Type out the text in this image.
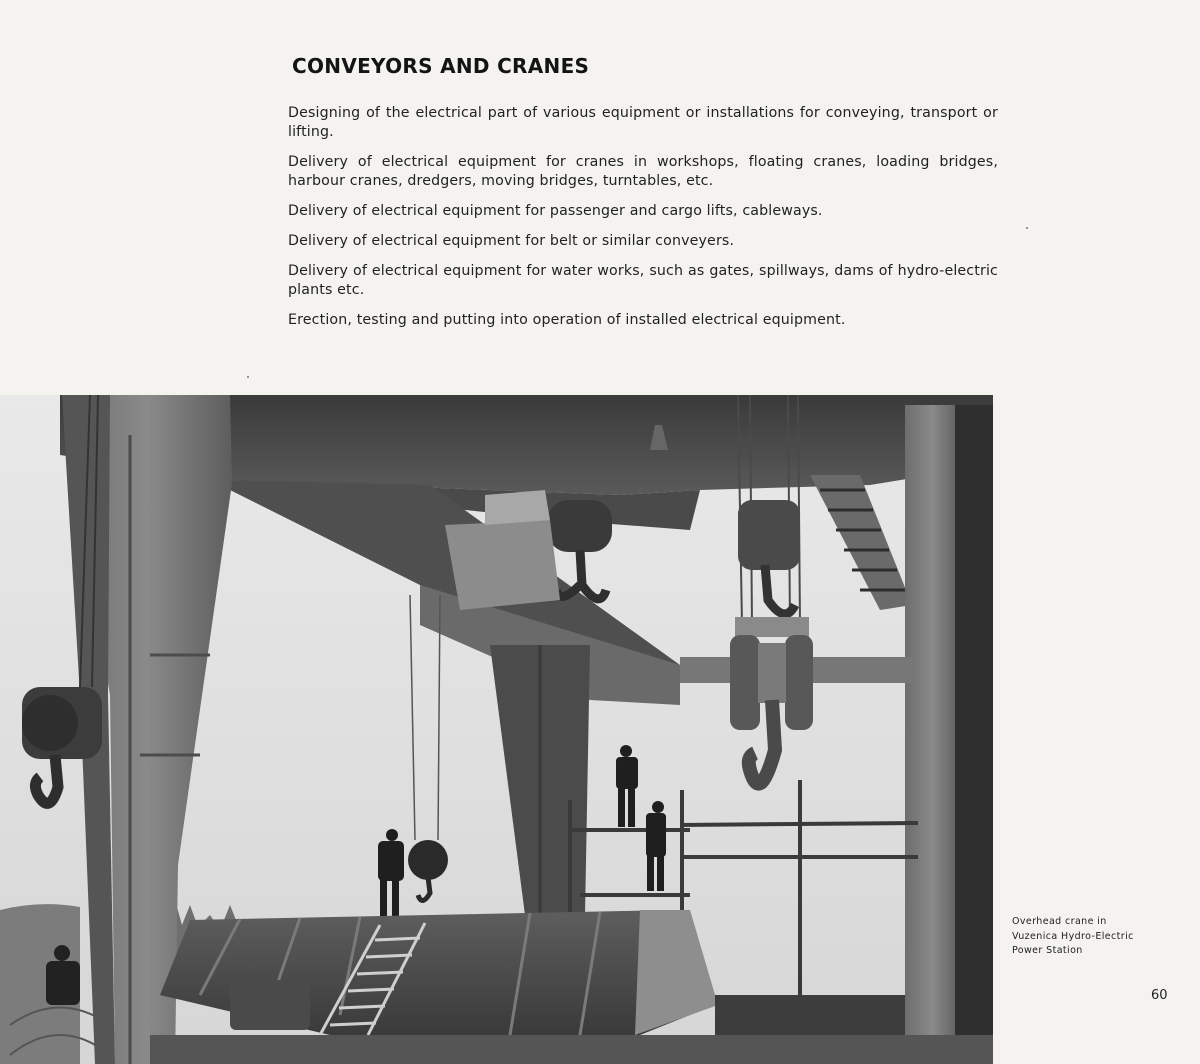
CONVEYORS AND CRANES

Designing of the electrical part of various equipment or installations for conveying, transport or lifting.

Delivery of electrical equipment for cranes in workshops, floating cranes, loading bridges, harbour cranes, dredgers, moving bridges, turntables, etc.

Delivery of electrical equipment for passenger and cargo lifts, cableways.

Delivery of electrical equipment for belt or similar conveyers.

Delivery of electrical equipment for water works, such as gates, spillways, dams of hydro-electric plants etc.

Erection, testing and putting into operation of installed electrical equipment.

Overhead crane in
Vuzenica Hydro-Electric
Power Station
60
